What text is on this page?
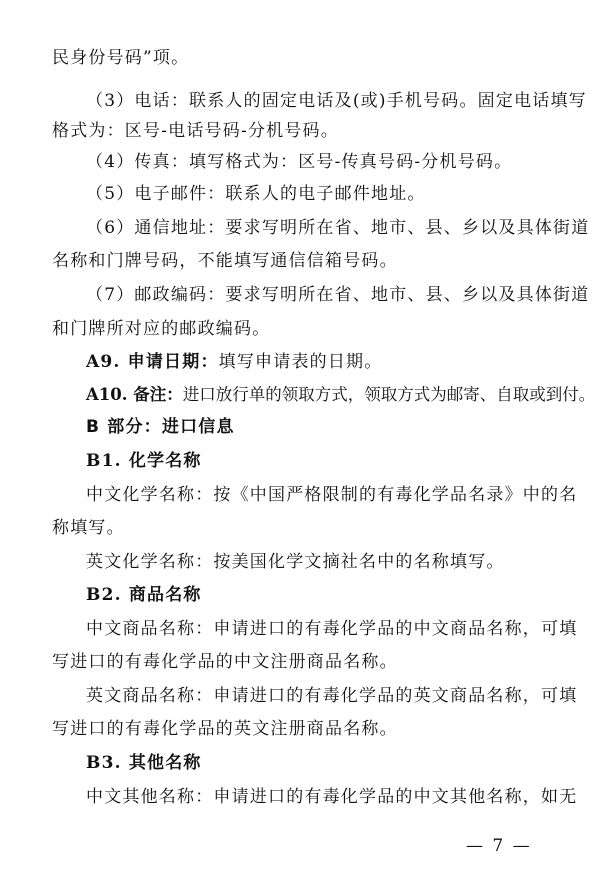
民身份号码”项。
（3）电话：联系人的固定电话及(或)手机号码。固定电话填写
格式为：区号-电话号码-分机号码。
（4）传真：填写格式为：区号-传真号码-分机号码。
（5）电子邮件：联系人的电子邮件地址。
（6）通信地址：要求写明所在省、地市、县、乡以及具体街道
名称和门牌号码，不能填写通信信箱号码。
（7）邮政编码：要求写明所在省、地市、县、乡以及具体街道
和门牌所对应的邮政编码。
A9. 申请日期：填写申请表的日期。
A10. 备注：进口放行单的领取方式，领取方式为邮寄、自取或到付。
B 部分：进口信息
B1. 化学名称
中文化学名称：按《中国严格限制的有毒化学品名录》中的名
称填写。
英文化学名称：按美国化学文摘社名中的名称填写。
B2. 商品名称
中文商品名称：申请进口的有毒化学品的中文商品名称，可填
写进口的有毒化学品的中文注册商品名称。
英文商品名称：申请进口的有毒化学品的英文商品名称，可填
写进口的有毒化学品的英文注册商品名称。
B3. 其他名称
中文其他名称：申请进口的有毒化学品的中文其他名称，如无
— 7 —
